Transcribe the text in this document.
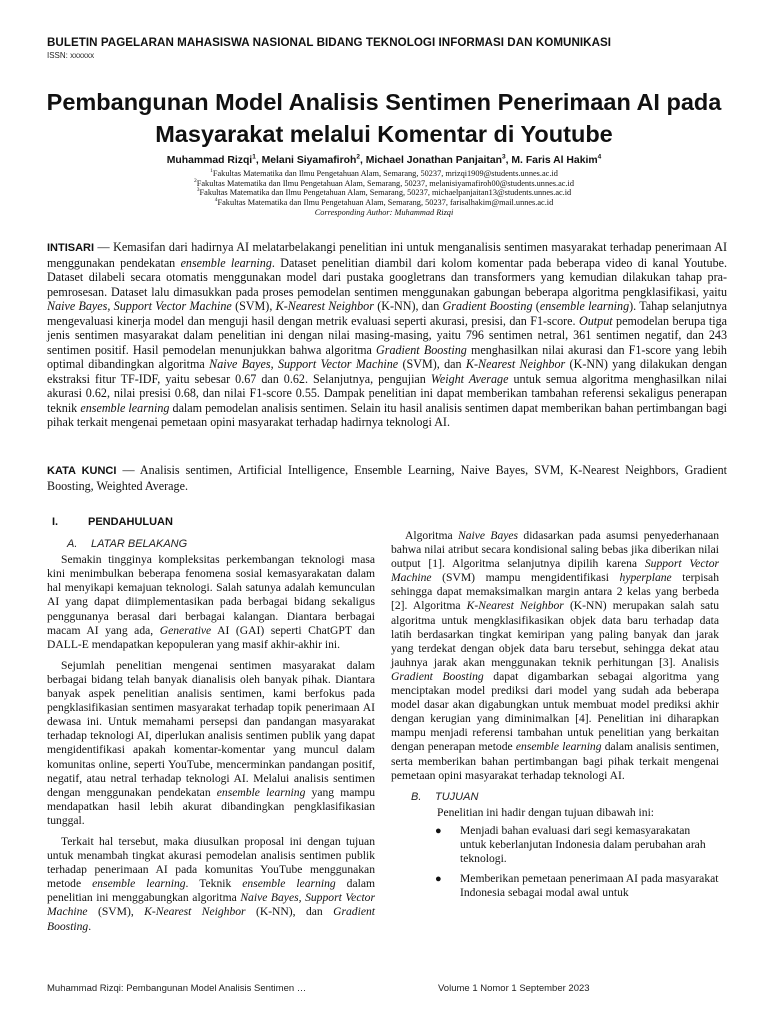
BULETIN PAGELARAN MAHASISWA NASIONAL BIDANG TEKNOLOGI INFORMASI DAN KOMUNIKASI
ISSN: xxxxxx
Pembangunan Model Analisis Sentimen Penerimaan AI pada Masyarakat melalui Komentar di Youtube
Muhammad Rizqi$^1$, Melani Siyamafiroh$^2$, Michael Jonathan Panjaitan$^3$, M. Faris Al Hakim$^4$
$^1$Fakultas Matematika dan Ilmu Pengetahuan Alam, Semarang, 50237, mrizqi1909@students.unnes.ac.id
$^2$Fakultas Matematika dan Ilmu Pengetahuan Alam, Semarang, 50237, melanisiyamafiroh00@students.unnes.ac.id
$^3$Fakultas Matematika dan Ilmu Pengetahuan Alam, Semarang, 50237, michaelpanjaitan13@students.unnes.ac.id
$^4$Fakultas Matematika dan Ilmu Pengetahuan Alam, Semarang, 50237, farisalhakim@mail.unnes.ac.id
Corresponding Author: Muhammad Rizqi
INTISARI — Kemasifan dari hadirnya AI melatarbelakangi penelitian ini untuk menganalisis sentimen masyarakat terhadap penerimaan AI menggunakan pendekatan ensemble learning. Dataset penelitian diambil dari kolom komentar pada beberapa video di kanal Youtube. Dataset dilabeli secara otomatis menggunakan model dari pustaka googletrans dan transformers yang kemudian dilakukan tahap pra-pemrosesan. Dataset lalu dimasukkan pada proses pemodelan sentimen menggunakan gabungan beberapa algoritma pengklasifikasi, yaitu Naive Bayes, Support Vector Machine (SVM), K-Nearest Neighbor (K-NN), dan Gradient Boosting (ensemble learning). Tahap selanjutnya mengevaluasi kinerja model dan menguji hasil dengan metrik evaluasi seperti akurasi, presisi, dan F1-score. Output pemodelan berupa tiga jenis sentimen masyarakat dalam penelitian ini dengan nilai masing-masing, yaitu 796 sentimen netral, 361 sentimen negatif, dan 243 sentimen positif. Hasil pemodelan menunjukkan bahwa algoritma Gradient Boosting menghasilkan nilai akurasi dan F1-score yang lebih optimal dibandingkan algoritma Naive Bayes, Support Vector Machine (SVM), dan K-Nearest Neighbor (K-NN) yang dilakukan dengan ekstraksi fitur TF-IDF, yaitu sebesar 0.67 dan 0.62. Selanjutnya, pengujian Weight Average untuk semua algoritma menghasilkan nilai akurasi 0.62, nilai presisi 0.68, dan nilai F1-score 0.55. Dampak penelitian ini dapat memberikan tambahan referensi sekaligus penerapan teknik ensemble learning dalam pemodelan analisis sentimen. Selain itu hasil analisis sentimen dapat memberikan bahan pertimbangan bagi pihak terkait mengenai pemetaan opini masyarakat terhadap hadirnya teknologi AI.
KATA KUNCI — Analisis sentimen, Artificial Intelligence, Ensemble Learning, Naive Bayes, SVM, K-Nearest Neighbors, Gradient Boosting, Weighted Average.
I.	PENDAHULUAN
A. LATAR BELAKANG

Semakin tingginya kompleksitas perkembangan teknologi masa kini menimbulkan beberapa fenomena sosial kemasyarakatan dalam hal menyikapi kemajuan teknologi. Salah satunya adalah kemunculan AI yang dapat diimplementasikan pada berbagai bidang sekaligus penggunanya berasal dari berbagai kalangan. Diantara berbagai macam AI yang ada, Generative AI (GAI) seperti ChatGPT dan DALL-E mendapatkan kepopuleran yang masif akhir-akhir ini.

Sejumlah penelitian mengenai sentimen masyarakat dalam berbagai bidang telah banyak dianalisis oleh banyak pihak. Diantara banyak aspek penelitian analisis sentimen, kami berfokus pada pengklasifikasian sentimen masyarakat terhadap topik penerimaan AI dewasa ini. Untuk memahami persepsi dan pandangan masyarakat terhadap teknologi AI, diperlukan analisis sentimen publik yang dapat mengidentifikasi apakah komentar-komentar yang muncul dalam komunitas online, seperti YouTube, mencerminkan pandangan positif, negatif, atau netral terhadap teknologi AI. Melalui analisis sentimen dengan menggunakan pendekatan ensemble learning yang mampu mendapatkan hasil lebih akurat dibandingkan pengklasifikasian tunggal.

Terkait hal tersebut, maka diusulkan proposal ini dengan tujuan untuk menambah tingkat akurasi pemodelan analisis sentimen publik terhadap penerimaan AI pada komunitas YouTube menggunakan metode ensemble learning. Teknik ensemble learning dalam penelitian ini menggabungkan algoritma Naive Bayes, Support Vector Machine (SVM), K-Nearest Neighbor (K-NN), dan Gradient Boosting.

Algoritma Naive Bayes didasarkan pada asumsi penyederhanaan bahwa nilai atribut secara kondisional saling bebas jika diberikan nilai output [1]. Algoritma selanjutnya dipilih karena Support Vector Machine (SVM) mampu mengidentifikasi hyperplane terpisah sehingga dapat memaksimalkan margin antara 2 kelas yang berbeda [2]. Algoritma K-Nearest Neighbor (K-NN) merupakan salah satu algoritma untuk mengklasifikasikan objek data baru terhadap data latih berdasarkan tingkat kemiripan yang paling banyak dan jarak yang terdekat dengan objek data baru tersebut, sehingga dekat atau jauhnya jarak akan menggunakan teknik perhitungan [3]. Analisis Gradient Boosting dapat digambarkan sebagai algoritma yang menciptakan model prediksi dari model yang sudah ada beberapa model dasar akan digabungkan untuk membuat model prediksi akhir dengan kerugian yang diminimalkan [4]. Penelitian ini diharapkan mampu menjadi referensi tambahan untuk penelitian yang berkaitan dengan penerapan metode ensemble learning dalam analisis sentimen, serta memberikan bahan pertimbangan bagi pihak terkait mengenai pemetaan opini masyarakat terhadap teknologi AI.

B. TUJUAN

Penelitian ini hadir dengan tujuan dibawah ini:

● Menjadi bahan evaluasi dari segi kemasyarakatan untuk keberlanjutan Indonesia dalam perubahan arah teknologi.
● Memberikan pemetaan penerimaan AI pada masyarakat Indonesia sebagai modal awal untuk
Muhammad Rizqi: Pembangunan Model Analisis Sentimen …	Volume 1 Nomor 1 September 2023
